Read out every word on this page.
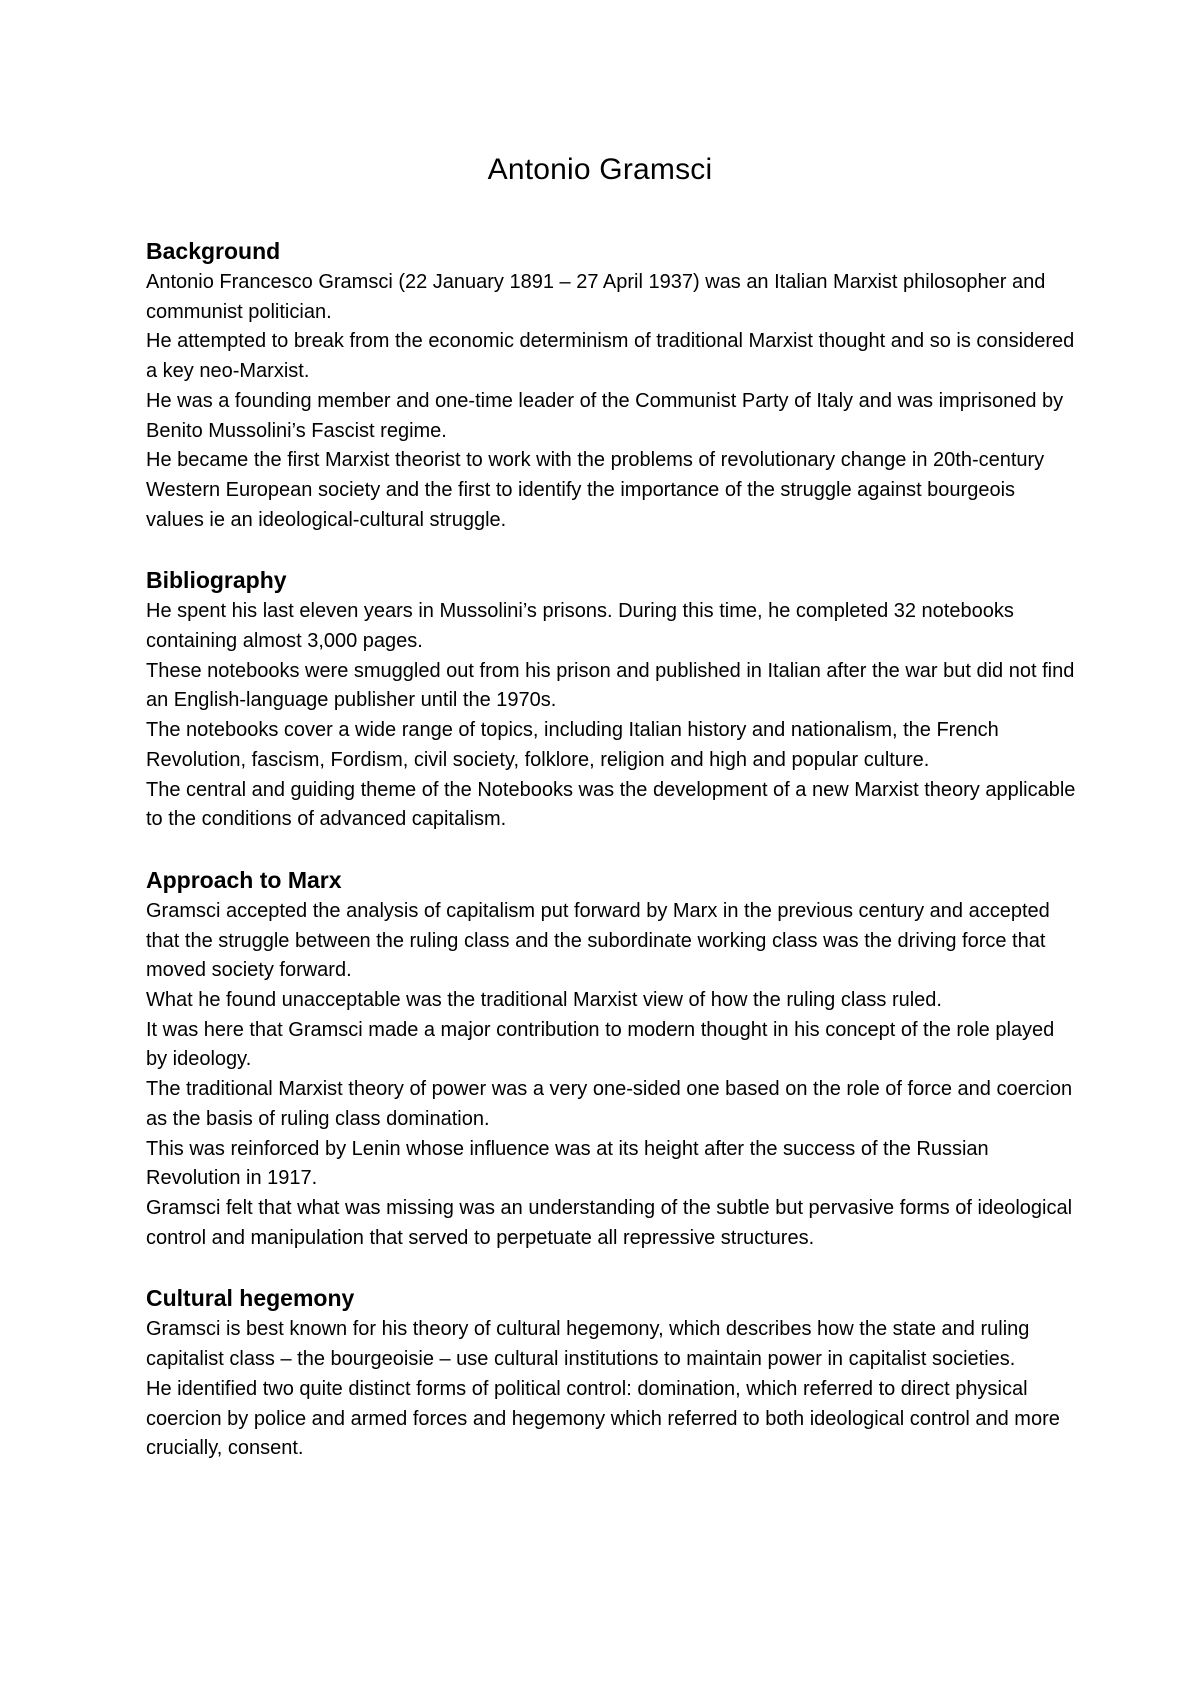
Antonio Gramsci
Background

Antonio Francesco Gramsci (22 January 1891 – 27 April 1937) was an Italian Marxist philosopher and communist politician.

He attempted to break from the economic determinism of traditional Marxist thought and so is considered a key neo-Marxist.

He was a founding member and one-time leader of the Communist Party of Italy and was imprisoned by Benito Mussolini’s Fascist regime.

He became the first Marxist theorist to work with the problems of revolutionary change in 20th-century Western European society and the first to identify the importance of the struggle against bourgeois values ie an ideological-cultural struggle.

Bibliography

He spent his last eleven years in Mussolini’s prisons. During this time, he completed 32 notebooks containing almost 3,000 pages.

These notebooks were smuggled out from his prison and published in Italian after the war but did not find an English-language publisher until the 1970s.

The notebooks cover a wide range of topics, including Italian history and nationalism, the French Revolution, fascism, Fordism, civil society, folklore, religion and high and popular culture.

The central and guiding theme of the Notebooks was the development of a new Marxist theory applicable to the conditions of advanced capitalism.

Approach to Marx

Gramsci accepted the analysis of capitalism put forward by Marx in the previous century and accepted that the struggle between the ruling class and the subordinate working class was the driving force that moved society forward.

What he found unacceptable was the traditional Marxist view of how the ruling class ruled.

It was here that Gramsci made a major contribution to modern thought in his concept of the role played by ideology.

The traditional Marxist theory of power was a very one-sided one based on the role of force and coercion as the basis of ruling class domination.

This was reinforced by Lenin whose influence was at its height after the success of the Russian Revolution in 1917.

Gramsci felt that what was missing was an understanding of the subtle but pervasive forms of ideological control and manipulation that served to perpetuate all repressive structures.

Cultural hegemony

Gramsci is best known for his theory of cultural hegemony, which describes how the state and ruling capitalist class – the bourgeoisie – use cultural institutions to maintain power in capitalist societies.

He identified two quite distinct forms of political control: domination, which referred to direct physical coercion by police and armed forces and hegemony which referred to both ideological control and more crucially, consent.
